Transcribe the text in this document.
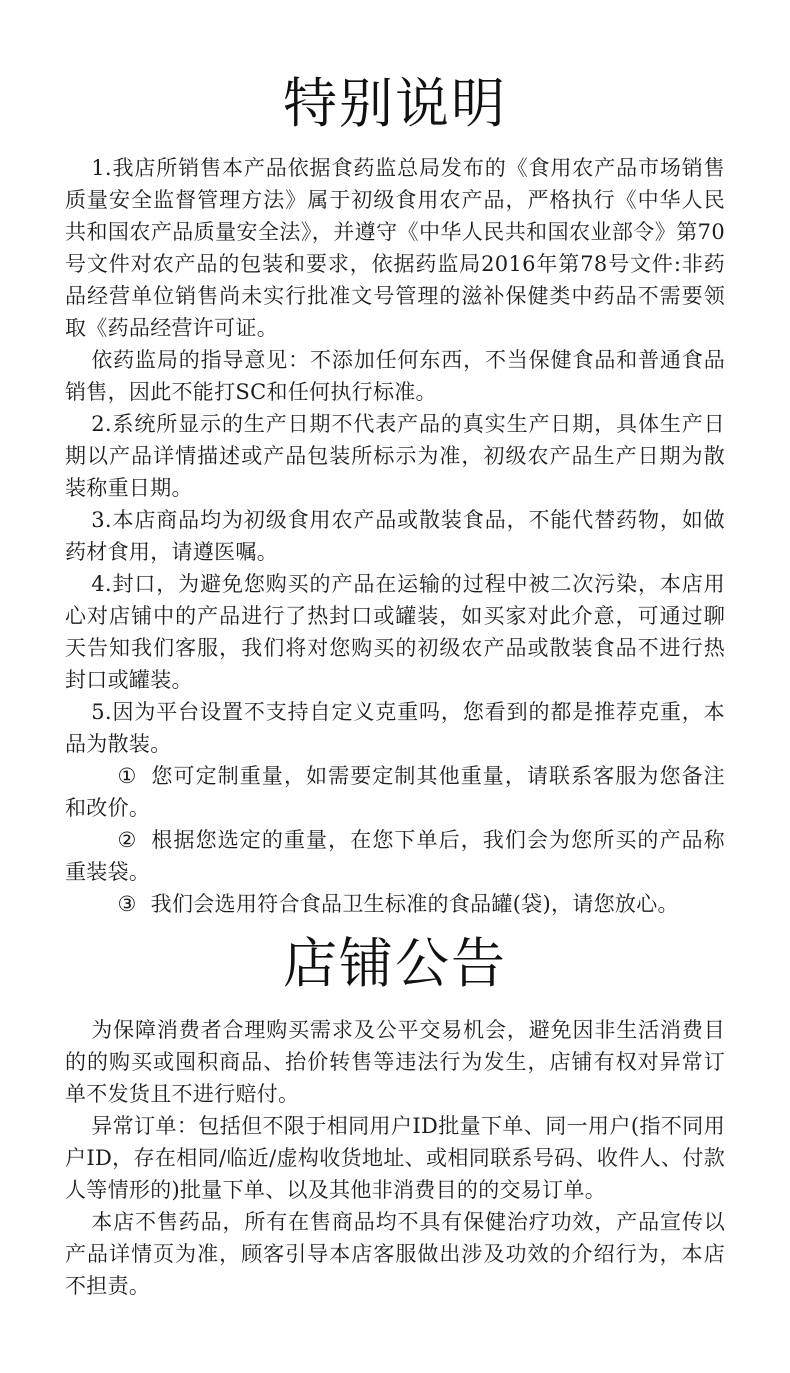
特别说明

1.我店所销售本产品依据食药监总局发布的《食用农产品市场销售质量安全监督管理方法》属于初级食用农产品，严格执行《中华人民共和国农产品质量安全法》，并遵守《中华人民共和国农业部令》第70号文件对农产品的包装和要求，依据药监局2016年第78号文件:非药品经营单位销售尚未实行批准文号管理的滋补保健类中药品不需要领取《药品经营许可证。

依药监局的指导意见：不添加任何东西，不当保健食品和普通食品销售，因此不能打SC和任何执行标准。

2.系统所显示的生产日期不代表产品的真实生产日期，具体生产日期以产品详情描述或产品包装所标示为准，初级农产品生产日期为散装称重日期。

3.本店商品均为初级食用农产品或散装食品，不能代替药物，如做药材食用，请遵医嘱。

4.封口，为避免您购买的产品在运输的过程中被二次污染，本店用心对店铺中的产品进行了热封口或罐装，如买家对此介意，可通过聊天告知我们客服，我们将对您购买的初级农产品或散装食品不进行热封口或罐装。

5.因为平台设置不支持自定义克重吗，您看到的都是推荐克重，本品为散装。

① 您可定制重量，如需要定制其他重量，请联系客服为您备注和改价。

② 根据您选定的重量，在您下单后，我们会为您所买的产品称重装袋。

③ 我们会选用符合食品卫生标准的食品罐(袋)，请您放心。

店铺公告

为保障消费者合理购买需求及公平交易机会，避免因非生活消费目的的购买或囤积商品、抬价转售等违法行为发生，店铺有权对异常订单不发货且不进行赔付。

异常订单：包括但不限于相同用户ID批量下单、同一用户(指不同用户ID，存在相同/临近/虚构收货地址、或相同联系号码、收件人、付款人等情形的)批量下单、以及其他非消费目的的交易订单。

本店不售药品，所有在售商品均不具有保健治疗功效，产品宣传以产品详情页为准，顾客引导本店客服做出涉及功效的介绍行为，本店不担责。
